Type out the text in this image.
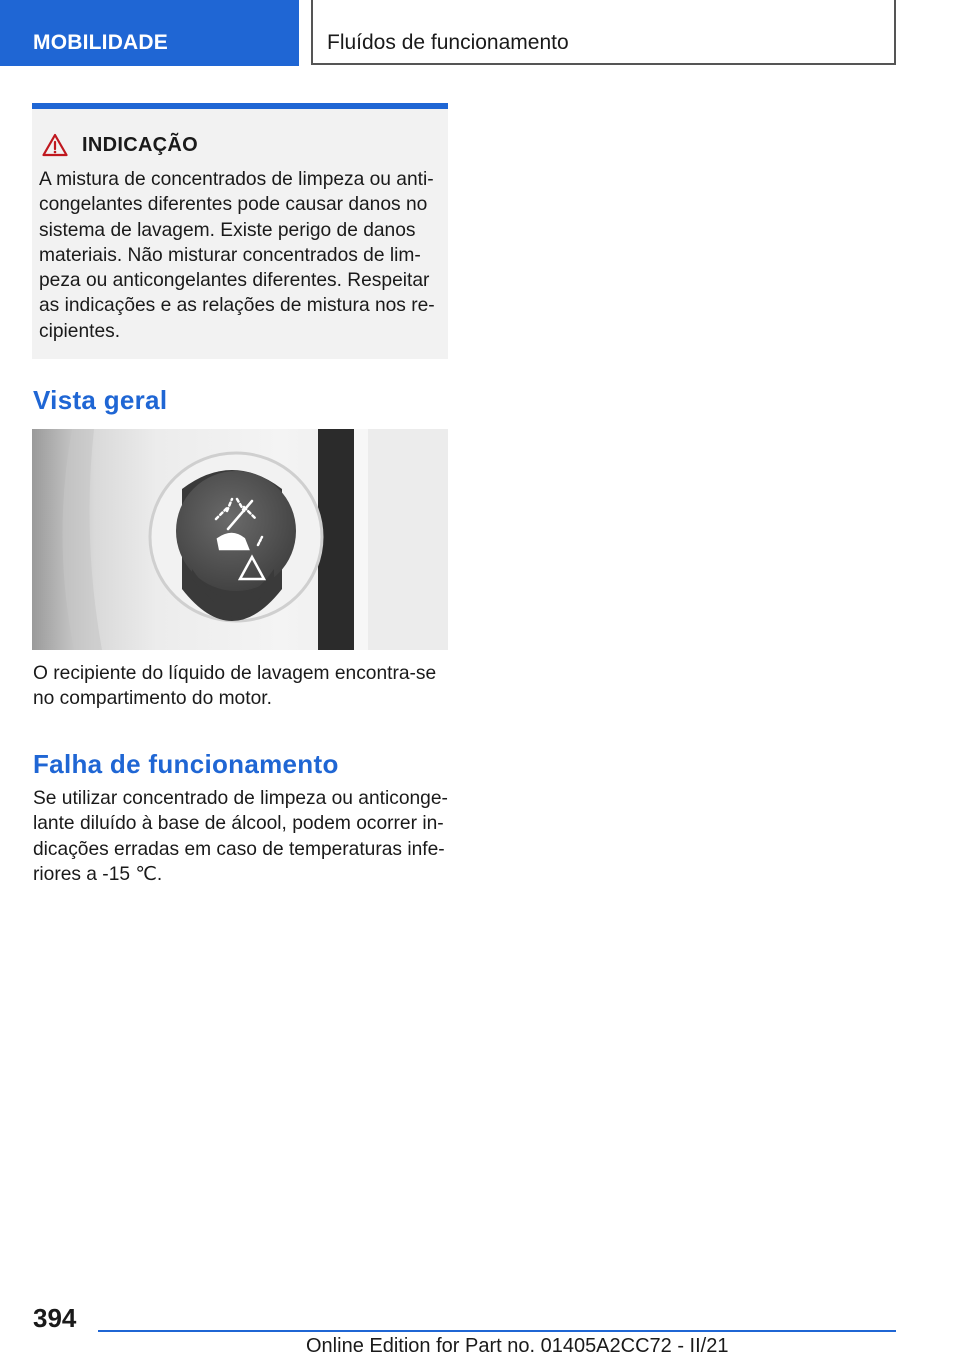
MOBILIDADE	Fluídos de funcionamento
INDICAÇÃO
A mistura de concentrados de limpeza ou anti‐congelantes diferentes pode causar danos no sistema de lavagem. Existe perigo de danos materiais. Não misturar concentrados de lim‐peza ou anticongelantes diferentes. Respeitar as indicações e as relações de mistura nos re‐cipientes.
Vista geral
O recipiente do líquido de lavagem encontra-se no compartimento do motor.
Falha de funcionamento
Se utilizar concentrado de limpeza ou anticonge‐lante diluído à base de álcool, podem ocorrer in‐dicações erradas em caso de temperaturas infe‐riores a -15 ℃.
394
Online Edition for Part no. 01405A2CC72 - II/21
